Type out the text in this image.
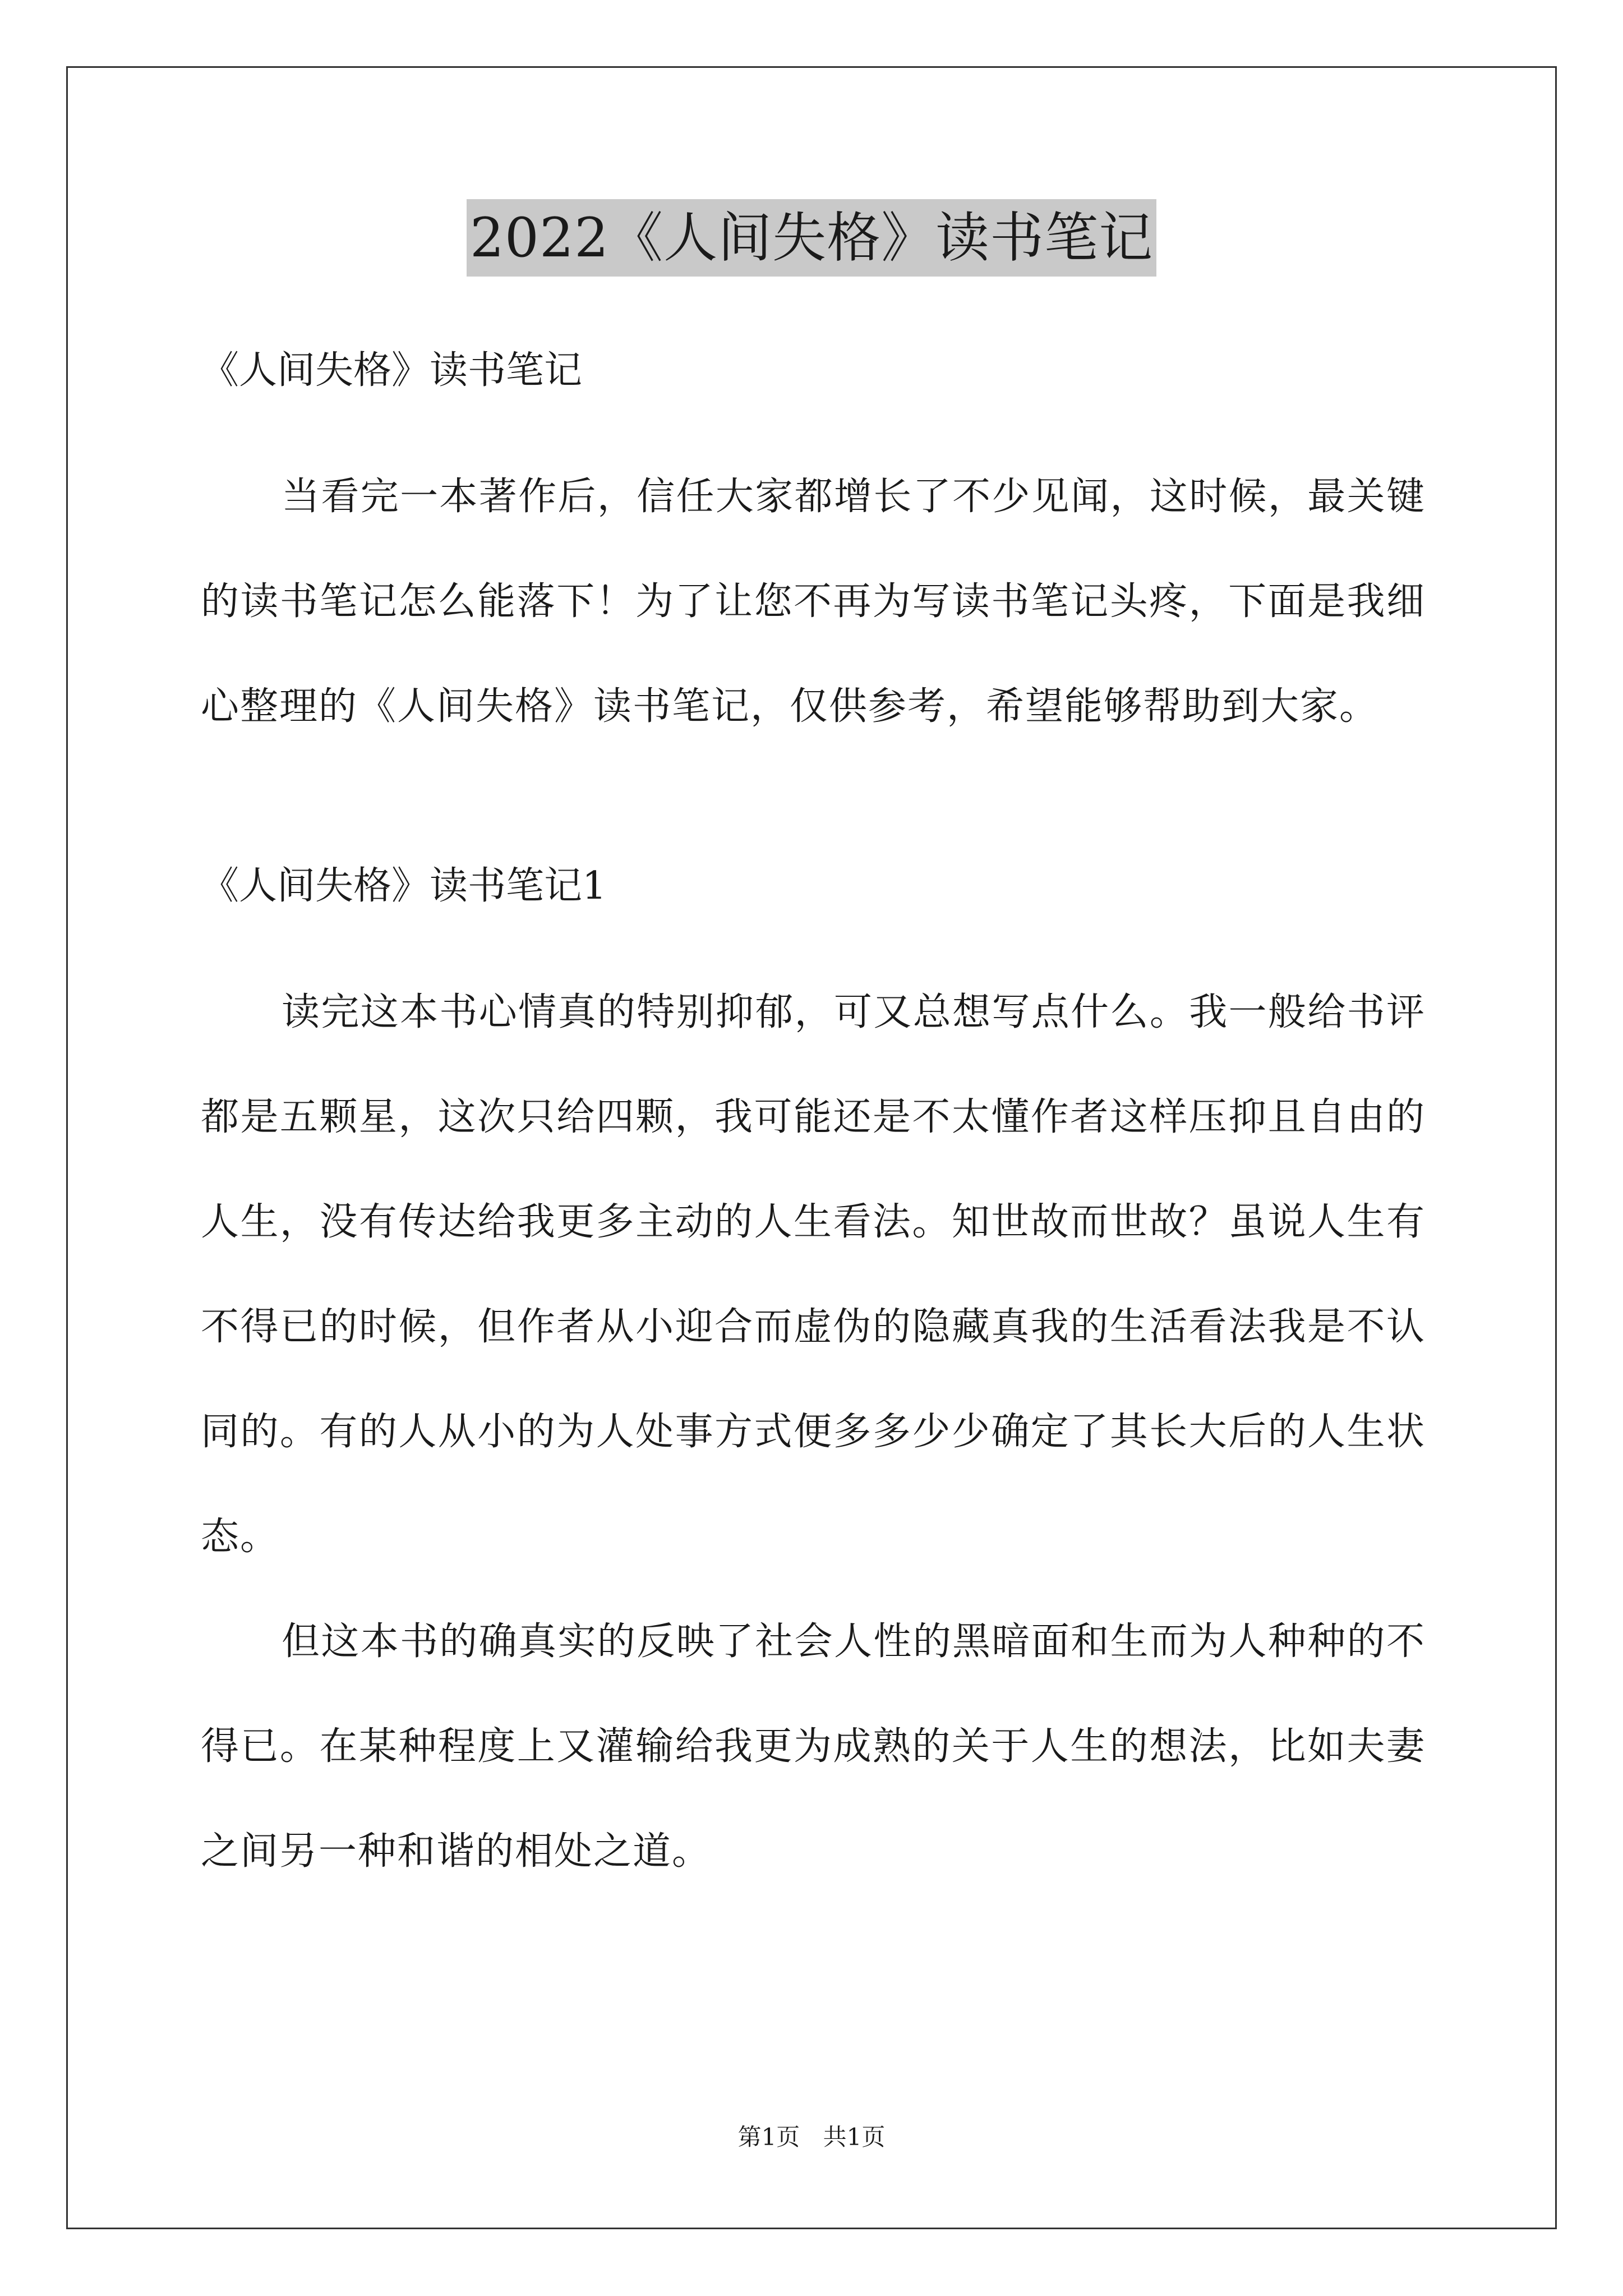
2022《人间失格》读书笔记

《人间失格》读书笔记

当看完一本著作后，信任大家都增长了不少见闻，这时候，最关键的读书笔记怎么能落下！为了让您不再为写读书笔记头疼，下面是我细心整理的《人间失格》读书笔记，仅供参考，希望能够帮助到大家。

《人间失格》读书笔记1

读完这本书心情真的特别抑郁，可又总想写点什么。我一般给书评都是五颗星，这次只给四颗，我可能还是不太懂作者这样压抑且自由的人生，没有传达给我更多主动的人生看法。知世故而世故？虽说人生有不得已的时候，但作者从小迎合而虚伪的隐藏真我的生活看法我是不认同的。有的人从小的为人处事方式便多多少少确定了其长大后的人生状态。

但这本书的确真实的反映了社会人性的黑暗面和生而为人种种的不得已。在某种程度上又灌输给我更为成熟的关于人生的想法，比如夫妻之间另一种和谐的相处之道。

第1页 共1页
